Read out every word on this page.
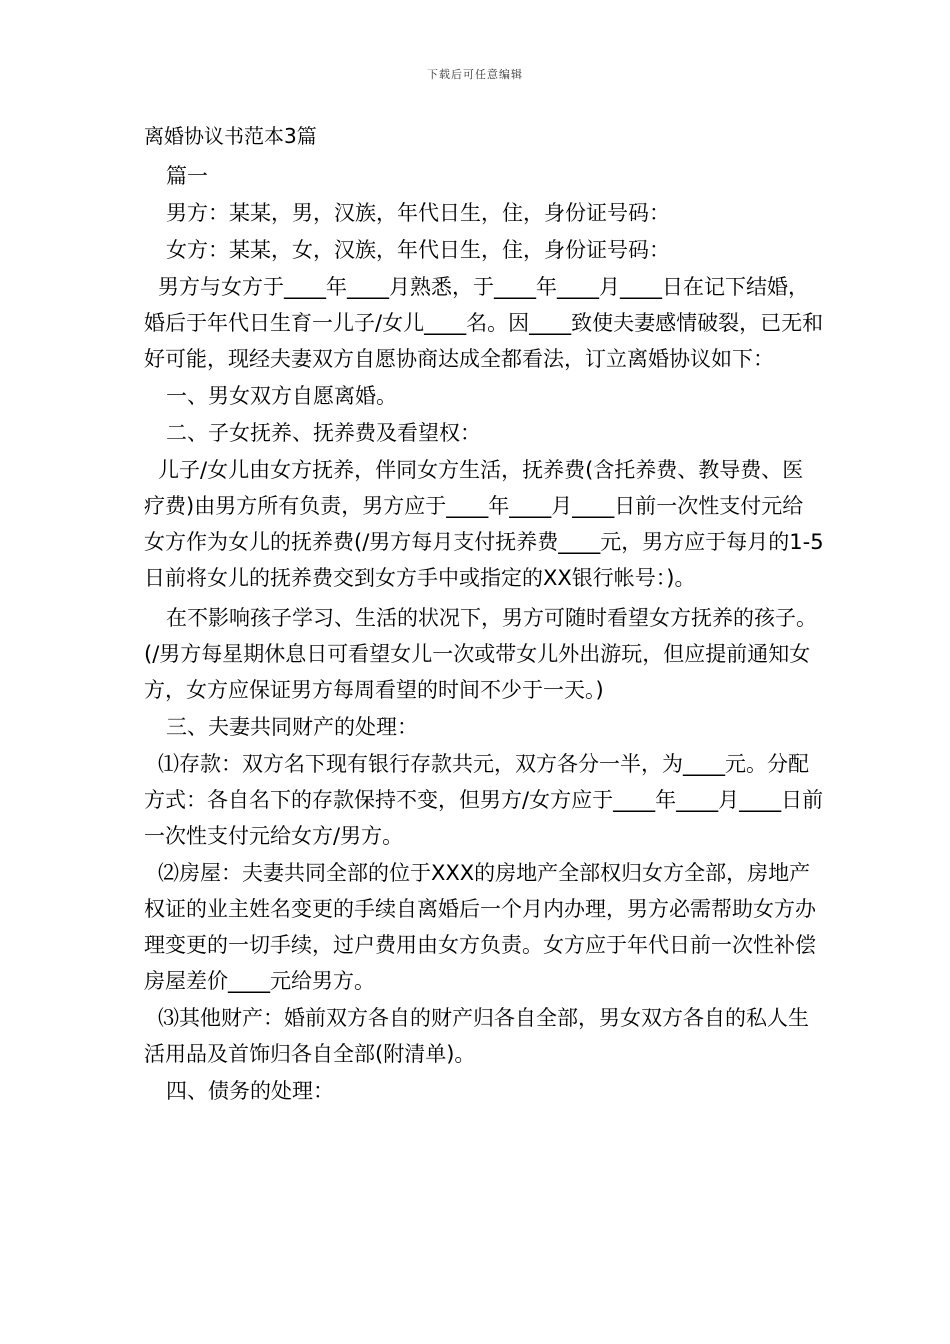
下载后可任意编辑

离婚协议书范本3篇

篇一

男方：某某，男，汉族，年代日生，住，身份证号码：

女方：某某，女，汉族，年代日生，住，身份证号码：

男方与女方于____年____月熟悉，于____年____月____日在记下结婚，婚后于年代日生育一儿子/女儿____名。因____致使夫妻感情破裂，已无和好可能，现经夫妻双方自愿协商达成全都看法，订立离婚协议如下：

一、男女双方自愿离婚。

二、子女抚养、抚养费及看望权：

儿子/女儿由女方抚养，伴同女方生活，抚养费(含托养费、教导费、医疗费)由男方所有负责，男方应于____年____月____日前一次性支付元给女方作为女儿的抚养费(/男方每月支付抚养费____元，男方应于每月的1-5日前将女儿的抚养费交到女方手中或指定的XX银行帐号：)。

在不影响孩子学习、生活的状况下，男方可随时看望女方抚养的孩子。(/男方每星期休息日可看望女儿一次或带女儿外出游玩，但应提前通知女方，女方应保证男方每周看望的时间不少于一天。)

三、夫妻共同财产的处理：

⑴存款：双方名下现有银行存款共元，双方各分一半，为____元。分配方式：各自名下的存款保持不变，但男方/女方应于____年____月____日前一次性支付元给女方/男方。

⑵房屋：夫妻共同全部的位于XXX的房地产全部权归女方全部，房地产权证的业主姓名变更的手续自离婚后一个月内办理，男方必需帮助女方办理变更的一切手续，过户费用由女方负责。女方应于年代日前一次性补偿房屋差价____元给男方。

⑶其他财产：婚前双方各自的财产归各自全部，男女双方各自的私人生活用品及首饰归各自全部(附清单)。

四、债务的处理：
